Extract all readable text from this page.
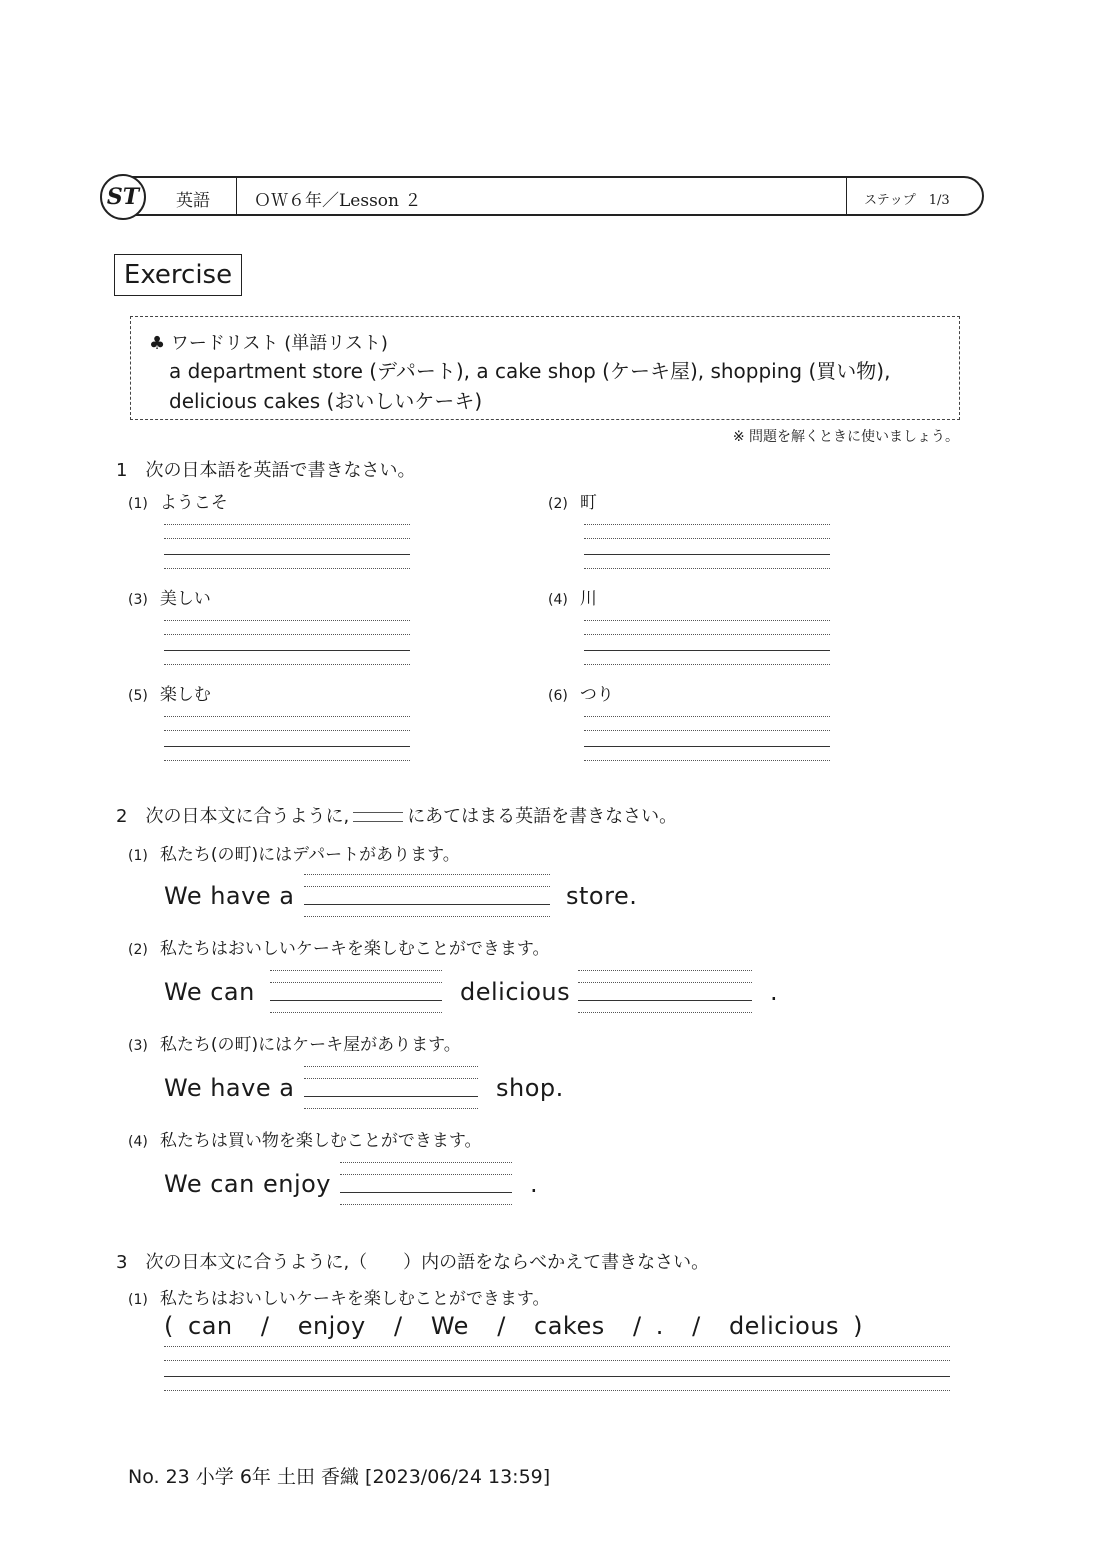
ST	英語	ＯＷ６年／Lesson ２	ステップ　1/3
Exercise
♣ ワードリスト (単語リスト)
a department store (デパート), a cake shop (ケーキ屋), shopping (買い物),
delicious cakes (おいしいケーキ)
※ 問題を解くときに使いましょう。
1　次の日本語を英語で書きなさい。
(1) ようこそ	(2) 町
(3) 美しい	(4) 川
(5) 楽しむ	(6) つり
2　次の日本文に合うように,	にあてはまる英語を書きなさい。
(1) 私たち(の町)にはデパートがあります。
We have a	store.
(2) 私たちはおいしいケーキを楽しむことができます。
We can	delicious	.
(3) 私たち(の町)にはケーキ屋があります。
We have a	shop.
(4) 私たちは買い物を楽しむことができます。
We can enjoy	.
3　次の日本文に合うように,（　　）内の語をならべかえて書きなさい。
(1) 私たちはおいしいケーキを楽しむことができます。
( can  /  enjoy  /  We  /  cakes  / .  /  delicious )
No. 23 小学 6年 土田 香織 [2023/06/24 13:59]
